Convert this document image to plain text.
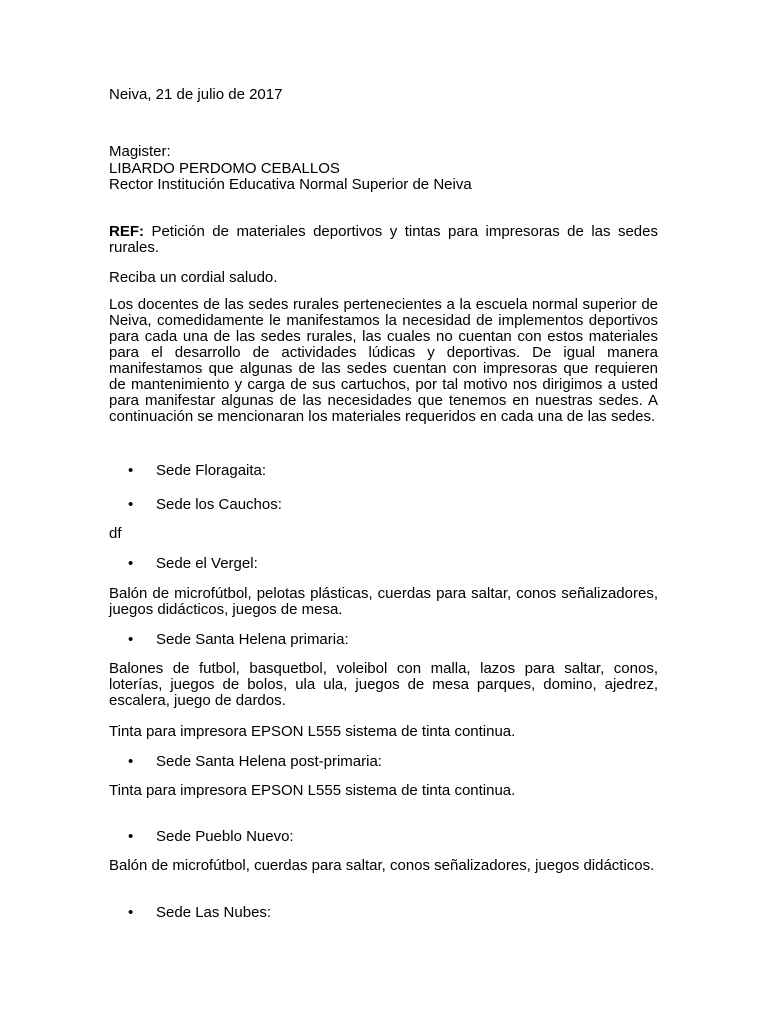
Neiva, 21 de julio de 2017

Magister:

LIBARDO PERDOMO CEBALLOS

Rector Institución Educativa Normal Superior de Neiva

REF: Petición de materiales deportivos y tintas para impresoras de las sedes rurales.

Reciba un cordial saludo.

Los docentes de las sedes rurales pertenecientes a la escuela normal superior de Neiva, comedidamente le manifestamos la necesidad de implementos deportivos para cada una de las sedes rurales, las cuales no cuentan con estos materiales para el desarrollo de actividades lúdicas y deportivas. De igual manera manifestamos que algunas de las sedes cuentan con impresoras que requieren de mantenimiento y carga de sus cartuchos, por tal motivo nos dirigimos a usted para manifestar algunas de las necesidades que tenemos en nuestras sedes. A continuación se mencionaran los materiales requeridos en cada una de las sedes.

• Sede Floragaita:

• Sede los Cauchos:

df

• Sede el Vergel:

Balón de microfútbol, pelotas plásticas, cuerdas para saltar, conos señalizadores, juegos didácticos, juegos de mesa.

• Sede Santa Helena primaria:

Balones de futbol, basquetbol, voleibol con malla, lazos para saltar, conos, loterías, juegos de bolos, ula ula, juegos de mesa parques, domino, ajedrez, escalera, juego de dardos.

Tinta para impresora EPSON L555 sistema de tinta continua.

• Sede Santa Helena post-primaria:

Tinta para impresora EPSON L555 sistema de tinta continua.

• Sede Pueblo Nuevo:

Balón de microfútbol, cuerdas para saltar, conos señalizadores, juegos didácticos.

• Sede Las Nubes:
